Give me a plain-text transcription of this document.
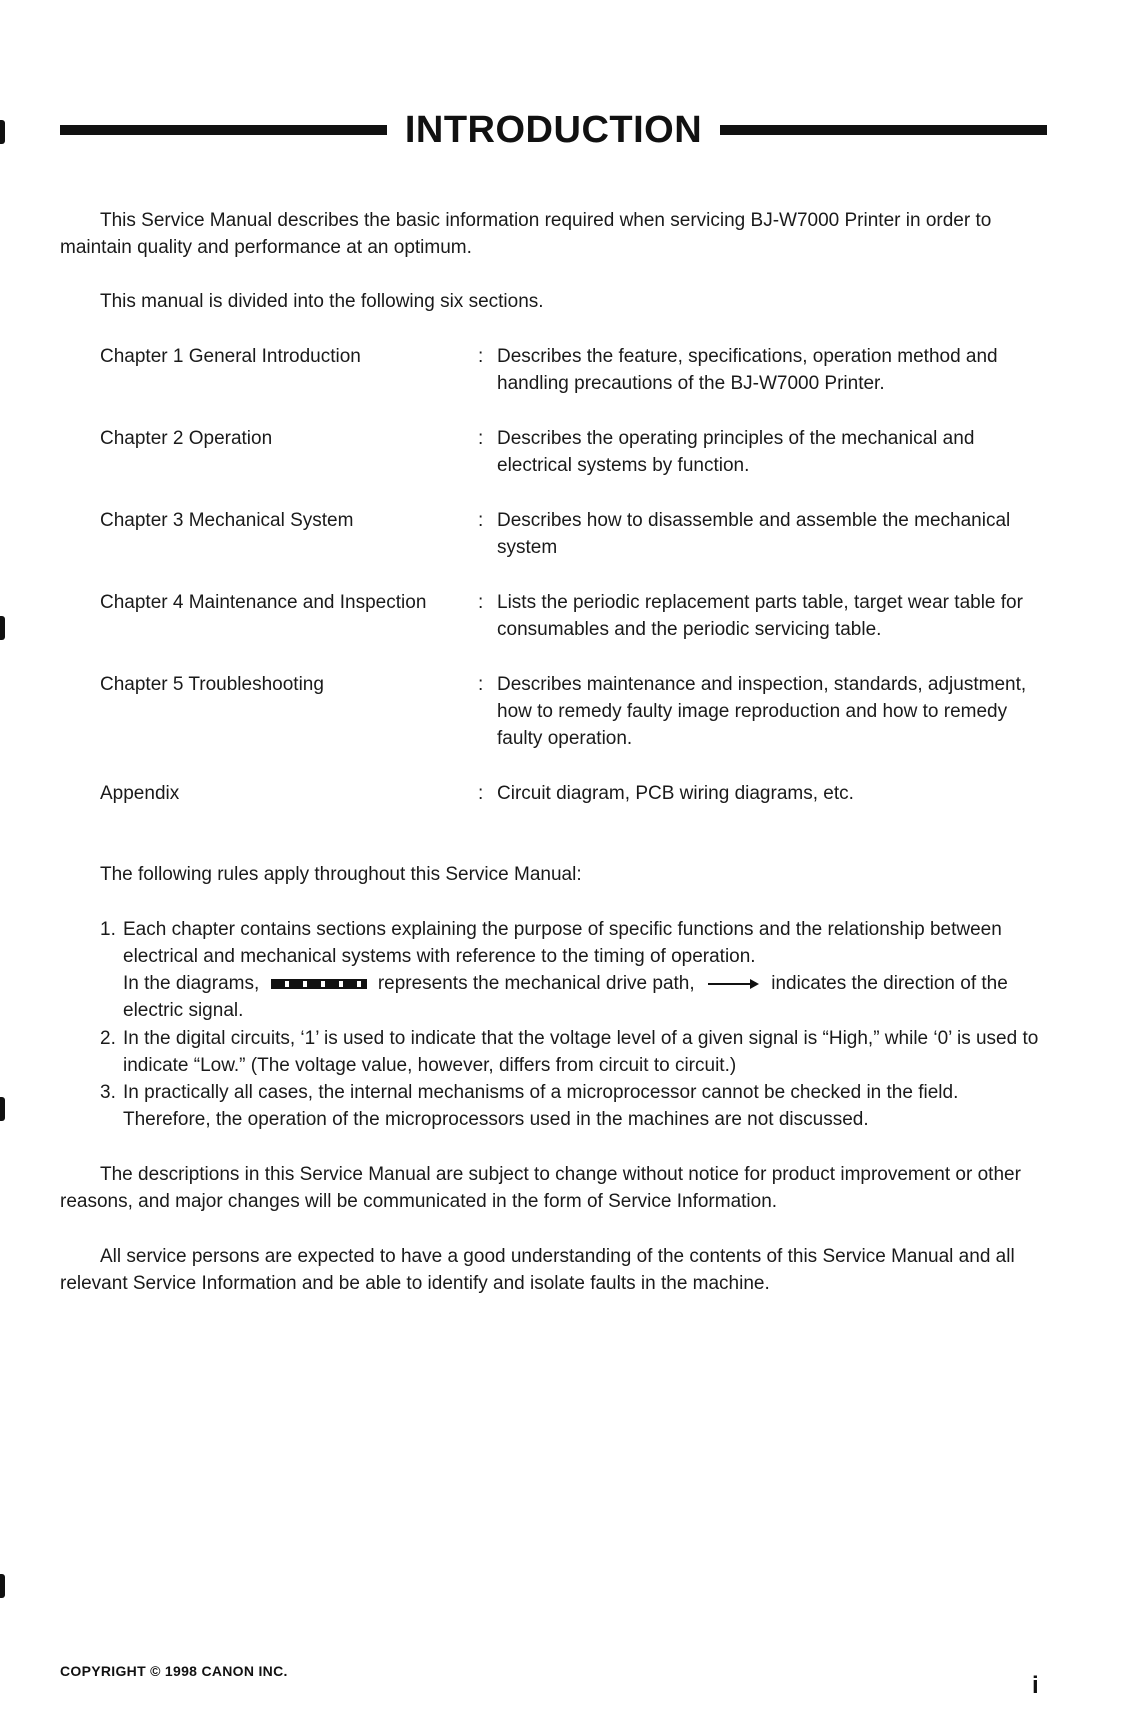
INTRODUCTION
This Service Manual describes the basic information required when servicing BJ-W7000 Printer in order to maintain quality and performance at an optimum.
This manual is divided into the following six sections.
Chapter 1 General Introduction	: Describes the feature, specifications, operation method and handling precautions of the BJ-W7000 Printer.
Chapter 2 Operation	: Describes the operating principles of the mechanical and electrical systems by function.
Chapter 3 Mechanical System	: Describes how to disassemble and assemble the mechanical system
Chapter 4 Maintenance and Inspection	: Lists the periodic replacement parts table, target wear table for consumables and the periodic servicing table.
Chapter 5 Troubleshooting	: Describes maintenance and inspection, standards, adjustment, how to remedy faulty image reproduction and how to remedy faulty operation.
Appendix	: Circuit diagram, PCB wiring diagrams, etc.
The following rules apply throughout this Service Manual:
1. Each chapter contains sections explaining the purpose of specific functions and the relationship between electrical and mechanical systems with reference to the timing of operation.
In the diagrams,	represents the mechanical drive path,	indicates the direction of the electric signal.
2. In the digital circuits, ‘1’ is used to indicate that the voltage level of a given signal is “High,” while ‘0’ is used to indicate “Low.” (The voltage value, however, differs from circuit to circuit.)
3. In practically all cases, the internal mechanisms of a microprocessor cannot be checked in the field. Therefore, the operation of the microprocessors used in the machines are not discussed.
The descriptions in this Service Manual are subject to change without notice for product improvement or other reasons, and major changes will be communicated in the form of Service Information.
All service persons are expected to have a good understanding of the contents of this Service Manual and all relevant Service Information and be able to identify and isolate faults in the machine.
COPYRIGHT © 1998 CANON INC.
i
